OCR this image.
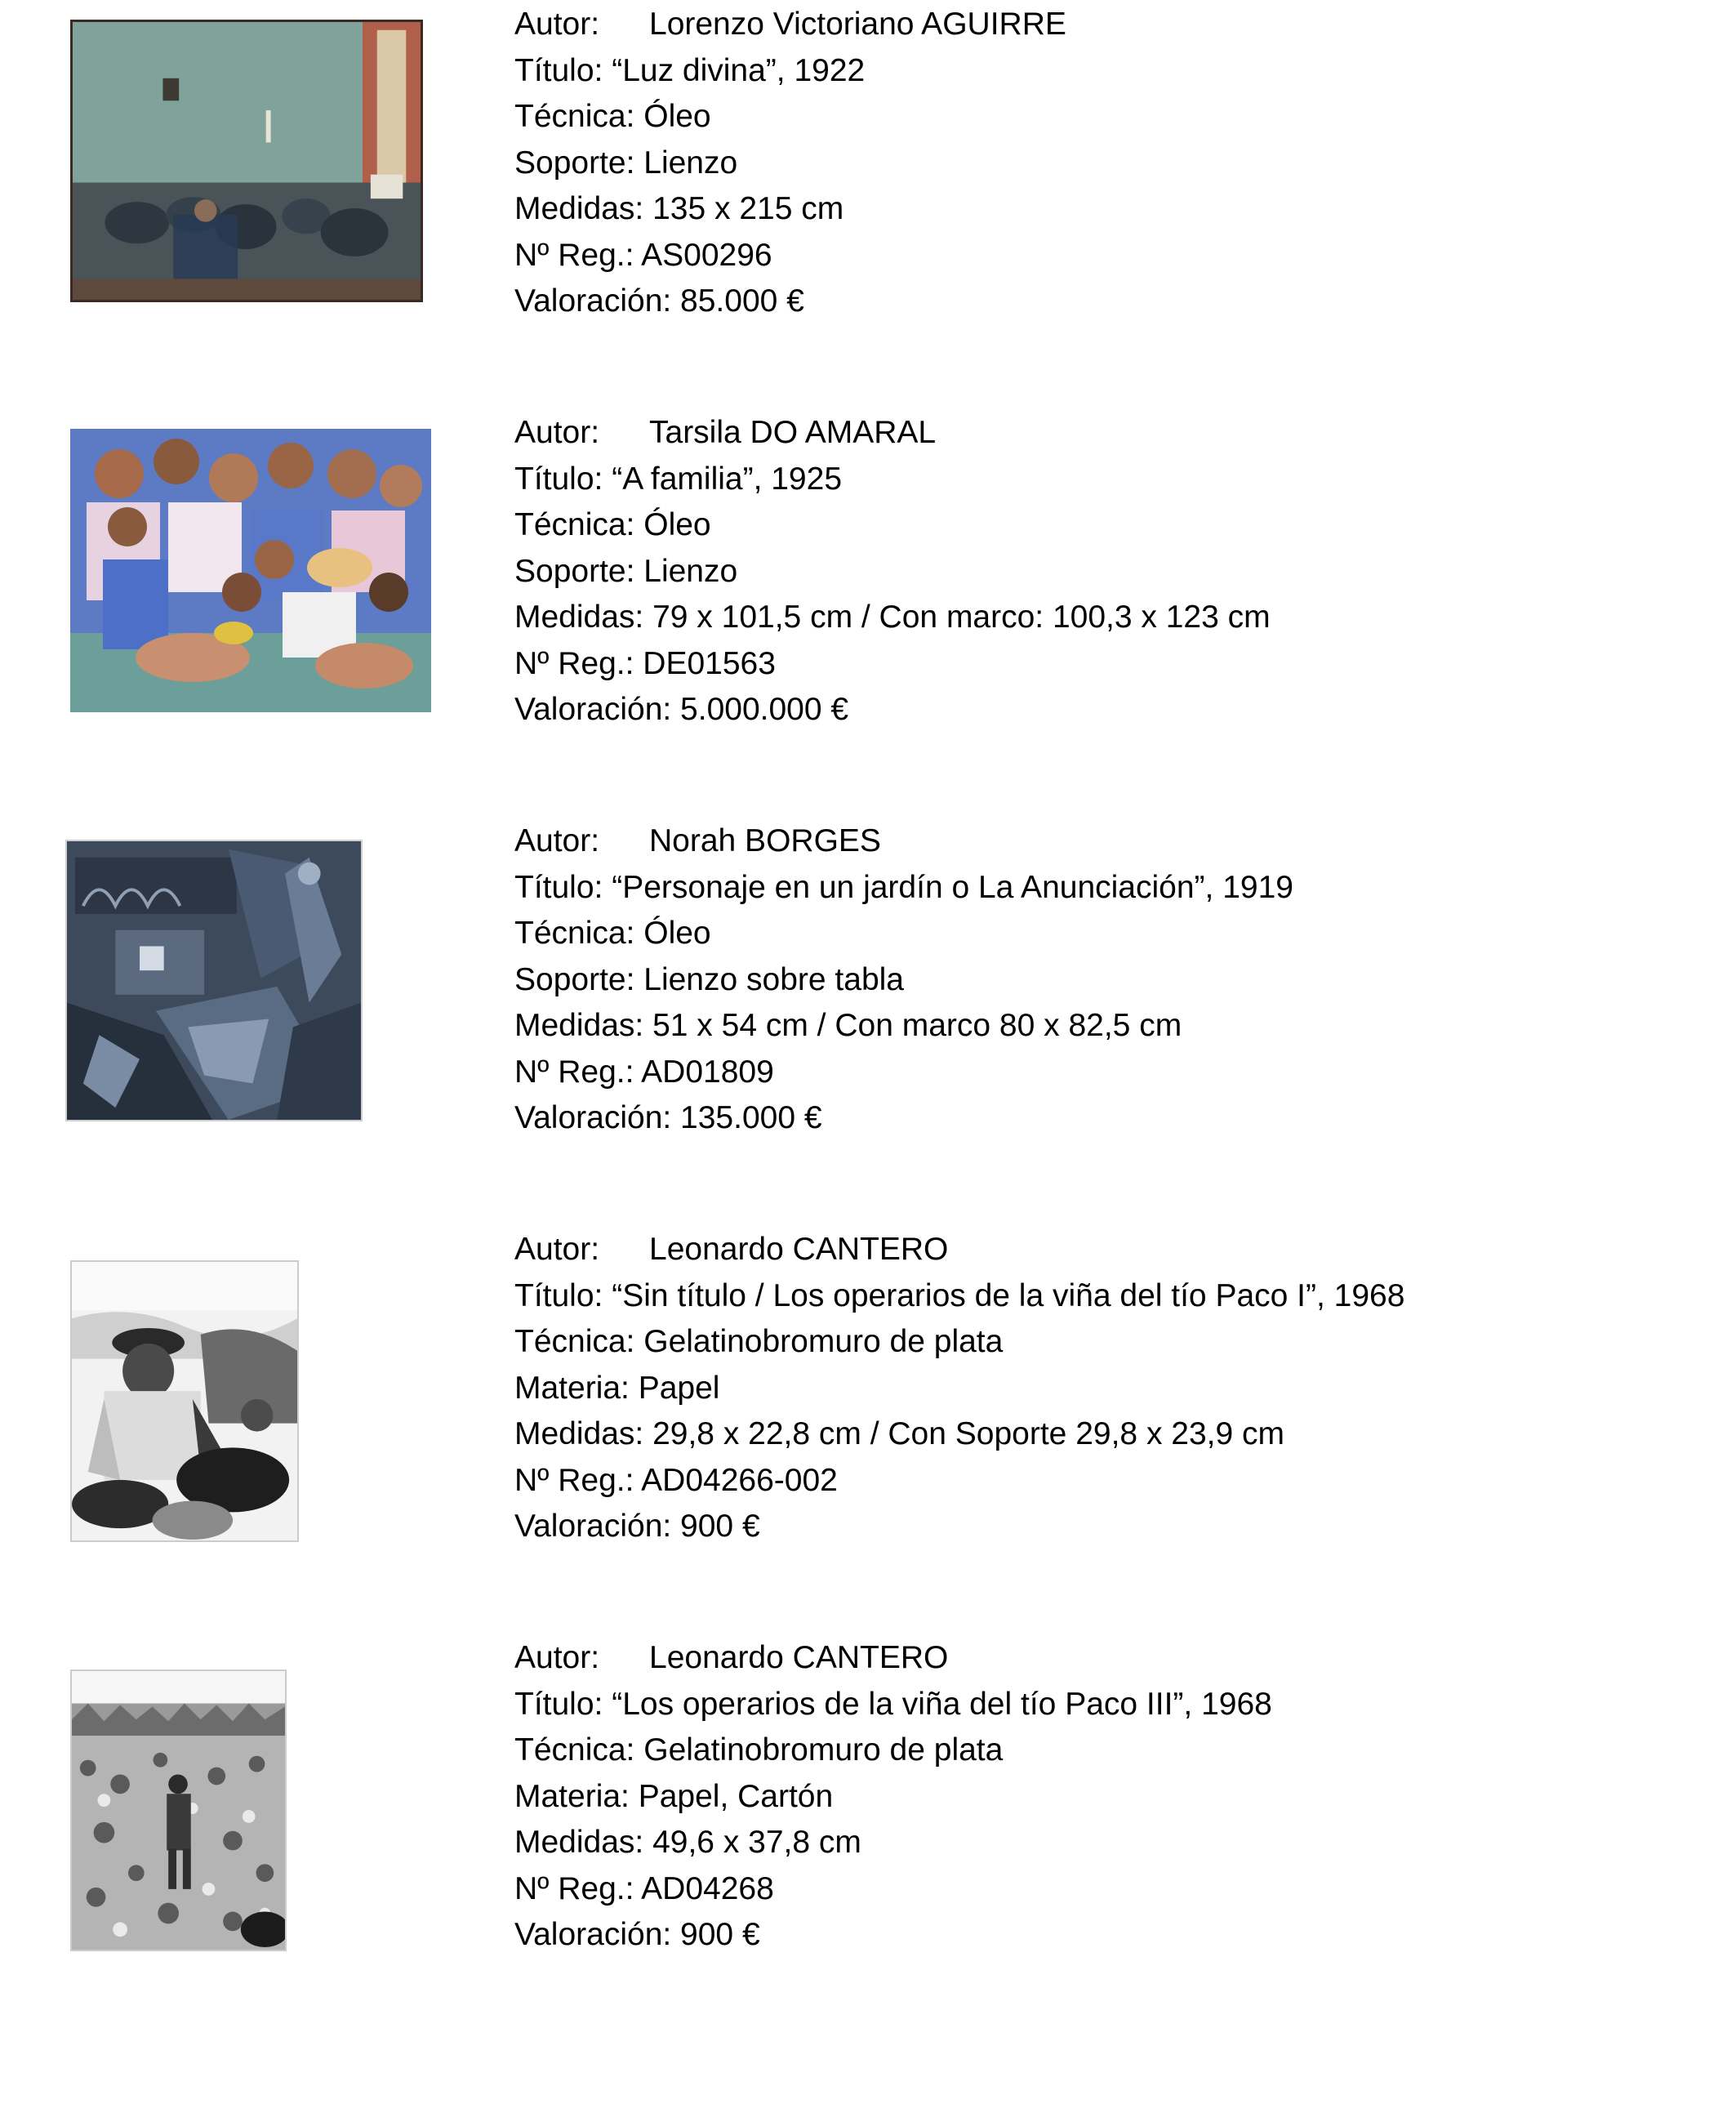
Autor: Lorenzo Victoriano AGUIRRE
Título: “Luz divina”, 1922
Técnica: Óleo
Soporte: Lienzo
Medidas: 135 x 215 cm
Nº Reg.: AS00296
Valoración: 85.000 €
Autor: Tarsila DO AMARAL
Título: “A familia”, 1925
Técnica: Óleo
Soporte: Lienzo
Medidas: 79 x 101,5 cm / Con marco: 100,3 x 123 cm
Nº Reg.: DE01563
Valoración: 5.000.000 €
Autor: Norah BORGES
Título: “Personaje en un jardín o La Anunciación”, 1919
Técnica: Óleo
Soporte: Lienzo sobre tabla
Medidas: 51 x 54 cm / Con marco 80 x 82,5 cm
Nº Reg.: AD01809
Valoración: 135.000 €
Autor: Leonardo CANTERO
Título: “Sin título / Los operarios de la viña del tío Paco I”, 1968
Técnica: Gelatinobromuro de plata
Materia: Papel
Medidas: 29,8 x 22,8 cm / Con Soporte 29,8 x 23,9 cm
Nº Reg.: AD04266-002
Valoración: 900 €
Autor: Leonardo CANTERO
Título: “Los operarios de la viña del tío Paco III”, 1968
Técnica: Gelatinobromuro de plata
Materia: Papel, Cartón
Medidas: 49,6 x 37,8 cm
Nº Reg.: AD04268
Valoración: 900 €
